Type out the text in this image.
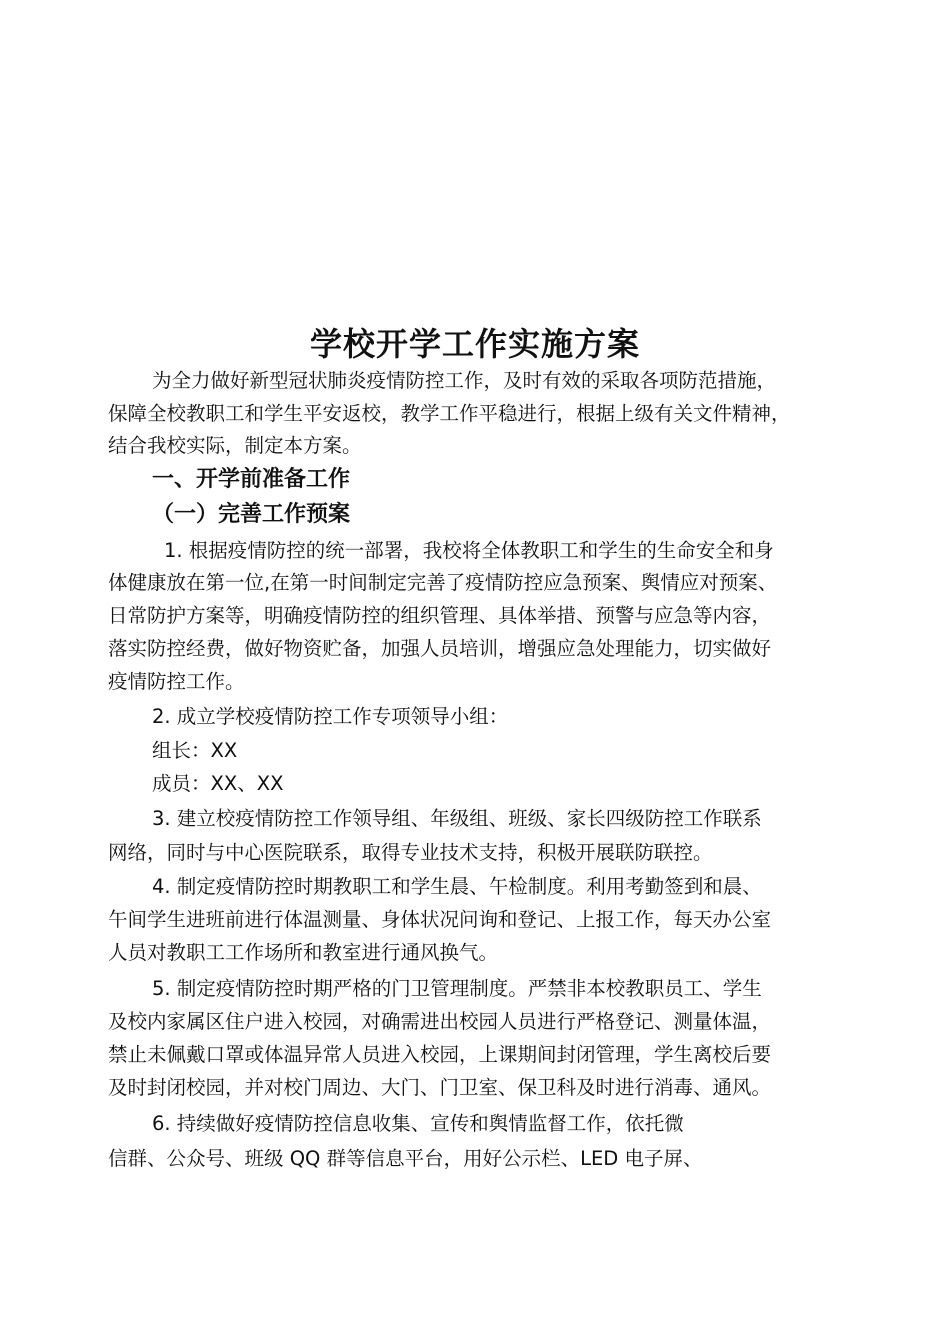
学校开学工作实施方案

为全力做好新型冠状肺炎疫情防控工作，及时有效的采取各项防范措施，

保障全校教职工和学生平安返校，教学工作平稳进行，根据上级有关文件精神，

结合我校实际，制定本方案。

一、开学前准备工作
（一）完善工作预案

1. 根据疫情防控的统一部署，我校将全体教职工和学生的生命安全和身

体健康放在第一位,在第一时间制定完善了疫情防控应急预案、舆情应对预案、

日常防护方案等，明确疫情防控的组织管理、具体举措、预警与应急等内容，

落实防控经费，做好物资贮备，加强人员培训，增强应急处理能力，切实做好

疫情防控工作。

2. 成立学校疫情防控工作专项领导小组：

组长：XX

成员：XX、XX

3. 建立校疫情防控工作领导组、年级组、班级、家长四级防控工作联系

网络，同时与中心医院联系，取得专业技术支持，积极开展联防联控。

4. 制定疫情防控时期教职工和学生晨、午检制度。利用考勤签到和晨、

午间学生进班前进行体温测量、身体状况问询和登记、上报工作，每天办公室

人员对教职工工作场所和教室进行通风换气。

5. 制定疫情防控时期严格的门卫管理制度。严禁非本校教职员工、学生

及校内家属区住户进入校园，对确需进出校园人员进行严格登记、测量体温，

禁止未佩戴口罩或体温异常人员进入校园，上课期间封闭管理，学生离校后要

及时封闭校园，并对校门周边、大门、门卫室、保卫科及时进行消毒、通风。

6. 持续做好疫情防控信息收集、宣传和舆情监督工作，依托微

信群、公众号、班级 QQ 群等信息平台，用好公示栏、LED 电子屏、
